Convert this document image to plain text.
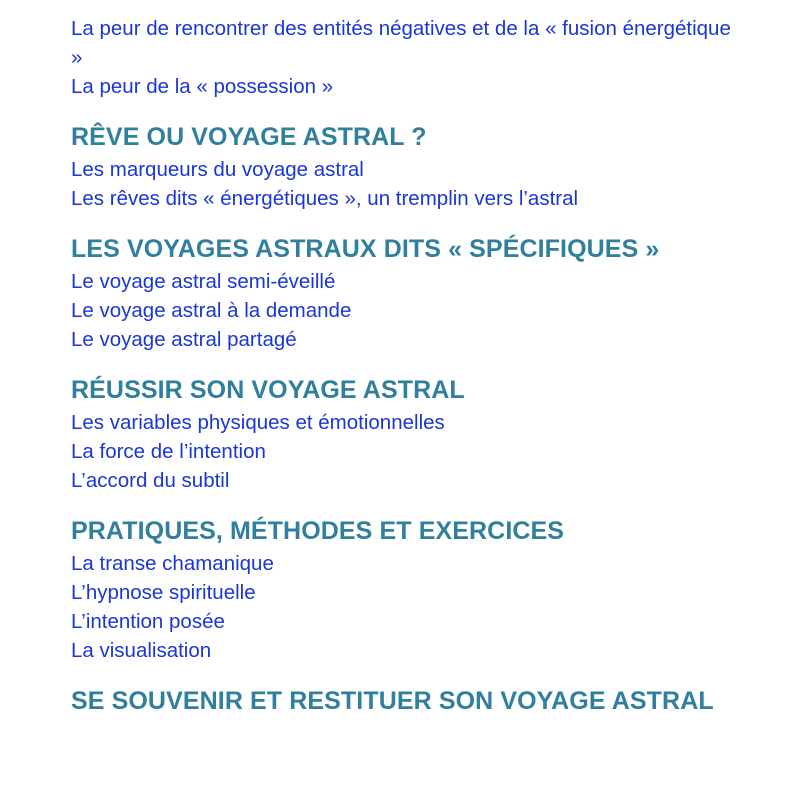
La peur de rencontrer des entités négatives et de la « fusion énergétique »
La peur de la « possession »
RÊVE OU VOYAGE ASTRAL ?
Les marqueurs du voyage astral
Les rêves dits « énergétiques », un tremplin vers l’astral
LES VOYAGES ASTRAUX DITS « SPÉCIFIQUES »
Le voyage astral semi-éveillé
Le voyage astral à la demande
Le voyage astral partagé
RÉUSSIR SON VOYAGE ASTRAL
Les variables physiques et émotionnelles
La force de l’intention
L’accord du subtil
PRATIQUES, MÉTHODES ET EXERCICES
La transe chamanique
L’hypnose spirituelle
L’intention posée
La visualisation
SE SOUVENIR ET RESTITUER SON VOYAGE ASTRAL
